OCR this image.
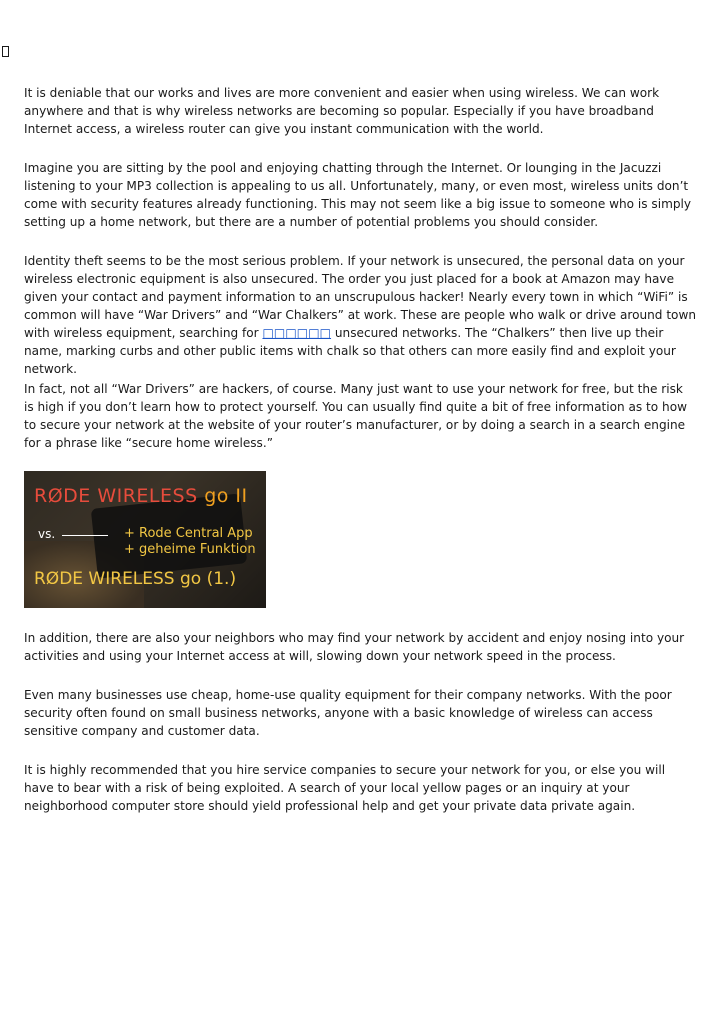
It is deniable that our works and lives are more convenient and easier when using wireless. We can work anywhere and that is why wireless networks are becoming so popular. Especially if you have broadband Internet access, a wireless router can give you instant communication with the world.

Imagine you are sitting by the pool and enjoying chatting through the Internet. Or lounging in the Jacuzzi listening to your MP3 collection is appealing to us all. Unfortunately, many, or even most, wireless units don’t come with security features already functioning. This may not seem like a big issue to someone who is simply setting up a home network, but there are a number of potential problems you should consider.

Identity theft seems to be the most serious problem. If your network is unsecured, the personal data on your wireless electronic equipment is also unsecured. The order you just placed for a book at Amazon may have given your contact and payment information to an unscrupulous hacker! Nearly every town in which “WiFi” is common will have “War Drivers” and “War Chalkers” at work. These are people who walk or drive around town with wireless equipment, searching for □□□□□□ unsecured networks. The “Chalkers” then live up their name, marking curbs and other public items with chalk so that others can more easily find and exploit your network.

In fact, not all “War Drivers” are hackers, of course. Many just want to use your network for free, but the risk is high if you don’t learn how to protect yourself. You can usually find quite a bit of free information as to how to secure your network at the website of your router’s manufacturer, or by doing a search in a search engine for a phrase like “secure home wireless.”

RØDE WIRELESS go II
vs.	+ Rode Central App
+ geheime Funktion
RØDE WIRELESS go (1.)

In addition, there are also your neighbors who may find your network by accident and enjoy nosing into your activities and using your Internet access at will, slowing down your network speed in the process.

Even many businesses use cheap, home-use quality equipment for their company networks. With the poor security often found on small business networks, anyone with a basic knowledge of wireless can access sensitive company and customer data.

It is highly recommended that you hire service companies to secure your network for you, or else you will have to bear with a risk of being exploited. A search of your local yellow pages or an inquiry at your neighborhood computer store should yield professional help and get your private data private again.
